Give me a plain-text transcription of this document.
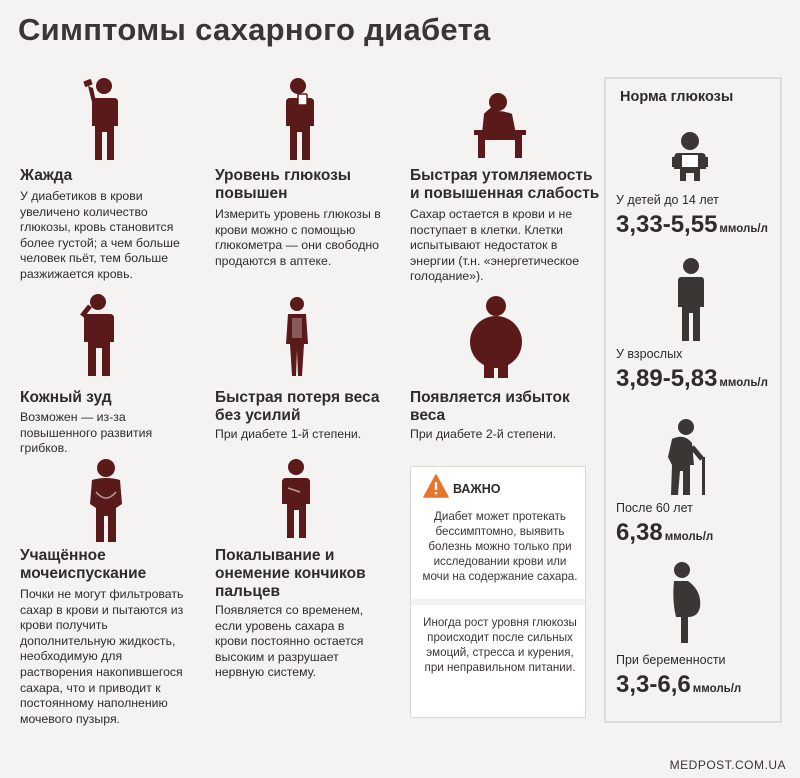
Симптомы сахарного диабета
Жажда
У диабетиков в крови увеличено количество глюкозы, кровь становится более густой; а чем больше человек пьёт, тем больше разжижается кровь.
Уровень глюкозы повышен
Измерить уровень глюкозы в крови можно с помощью глюкометра — они свободно продаются в аптеке.
Быстрая утомляемость и повышенная слабость
Сахар остается в крови и не поступает в клетки. Клетки испытывают недостаток в энергии (т.н. «энергетическое голодание»).
Кожный зуд
Возможен — из-за повышенного развития грибков.
Быстрая потеря веса без усилий
При диабете 1-й степени.
Появляется избыток веса
При диабете 2-й степени.
Учащённое мочеиспускание
Почки не могут фильтровать сахар в крови и пытаются из крови получить дополнительную жидкость, необходимую для растворения накопившегося сахара, что и приводит к постоянному наполнению мочевого пузыря.
Покалывание и онемение кончиков пальцев
Появляется со временем, если уровень сахара в крови постоянно остается высоким и разрушает нервную систему.
ВАЖНО
Диабет может протекать бессимптомно, выявить болезнь можно только при исследовании крови или мочи на содержание сахара.
Иногда рост уровня глюкозы происходит после сильных эмоций, стресса и курения, при неправильном питании.
Норма глюкозы
У детей до 14 лет
3,33-5,55 ммоль/л
У взрослых
3,89-5,83 ммоль/л
После 60 лет
6,38 ммоль/л
При беременности
3,3-6,6 ммоль/л
MEDPOST.COM.UA
